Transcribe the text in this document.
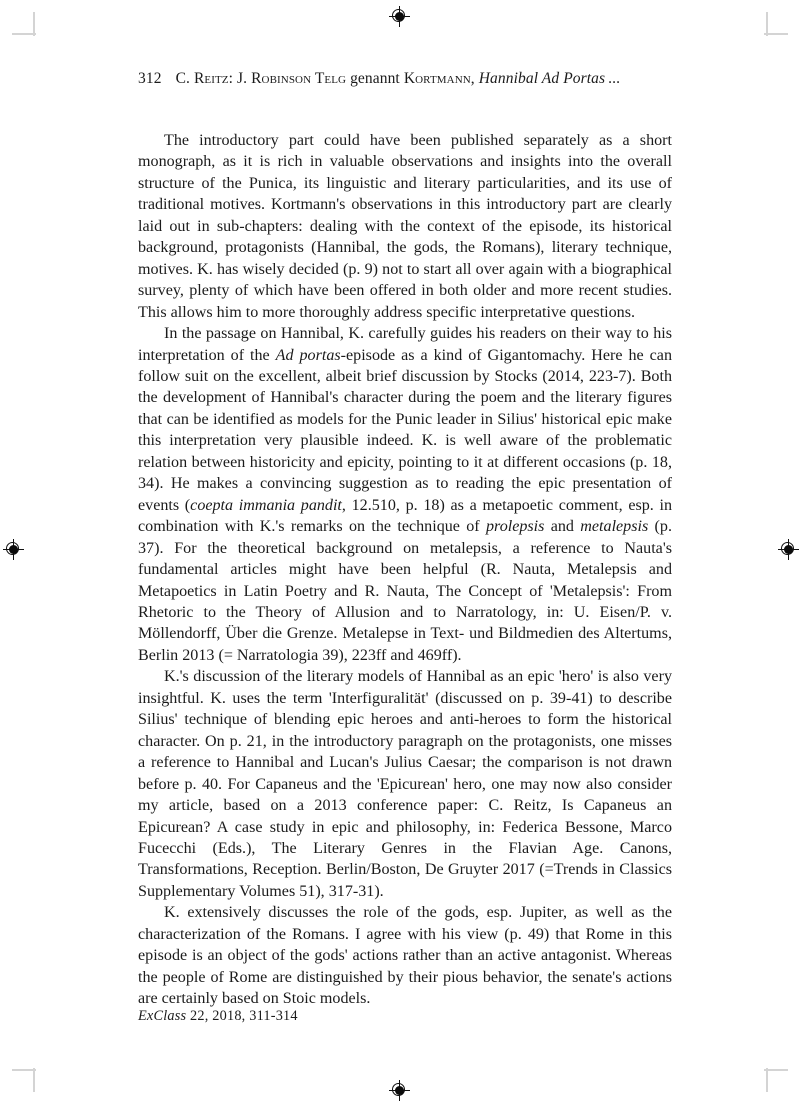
312 C. Reitz: J. Robinson Telg genannt Kortmann, Hannibal Ad Portas ...

The introductory part could have been published separately as a short monograph, as it is rich in valuable observations and insights into the overall structure of the Punica, its linguistic and literary particularities, and its use of traditional motives. Kortmann's observations in this introductory part are clearly laid out in sub-chapters: dealing with the context of the episode, its historical background, protagonists (Hannibal, the gods, the Romans), literary technique, motives. K. has wisely decided (p. 9) not to start all over again with a biographical survey, plenty of which have been offered in both older and more recent studies. This allows him to more thoroughly address specific interpretative questions.

In the passage on Hannibal, K. carefully guides his readers on their way to his interpretation of the Ad portas-episode as a kind of Gigantomachy. Here he can follow suit on the excellent, albeit brief discussion by Stocks (2014, 223-7). Both the development of Hannibal's character during the poem and the literary figures that can be identified as models for the Punic leader in Silius' historical epic make this interpretation very plausible indeed. K. is well aware of the problematic relation between historicity and epicity, pointing to it at different occasions (p. 18, 34). He makes a convincing suggestion as to reading the epic presentation of events (coepta immania pandit, 12.510, p. 18) as a metapoetic comment, esp. in combination with K.'s remarks on the technique of prolepsis and metalepsis (p. 37). For the theoretical background on metalepsis, a reference to Nauta's fundamental articles might have been helpful (R. Nauta, Metalepsis and Metapoetics in Latin Poetry and R. Nauta, The Concept of 'Metalepsis': From Rhetoric to the Theory of Allusion and to Narratology, in: U. Eisen/P. v. Möllendorff, Über die Grenze. Metalepse in Text- und Bildmedien des Altertums, Berlin 2013 (= Narratologia 39), 223ff and 469ff).

K.'s discussion of the literary models of Hannibal as an epic 'hero' is also very insightful. K. uses the term 'Interfiguralität' (discussed on p. 39-41) to describe Silius' technique of blending epic heroes and anti-heroes to form the historical character. On p. 21, in the introductory paragraph on the protagonists, one misses a reference to Hannibal and Lucan's Julius Caesar; the comparison is not drawn before p. 40. For Capaneus and the 'Epicurean' hero, one may now also consider my article, based on a 2013 conference paper: C. Reitz, Is Capaneus an Epicurean? A case study in epic and philosophy, in: Federica Bessone, Marco Fucecchi (Eds.), The Literary Genres in the Flavian Age. Canons, Transformations, Reception. Berlin/Boston, De Gruyter 2017 (=Trends in Classics Supplementary Volumes 51), 317-31).

K. extensively discusses the role of the gods, esp. Jupiter, as well as the characterization of the Romans. I agree with his view (p. 49) that Rome in this episode is an object of the gods' actions rather than an active antagonist. Whereas the people of Rome are distinguished by their pious behavior, the senate's actions are certainly based on Stoic models.

ExClass 22, 2018, 311-314
